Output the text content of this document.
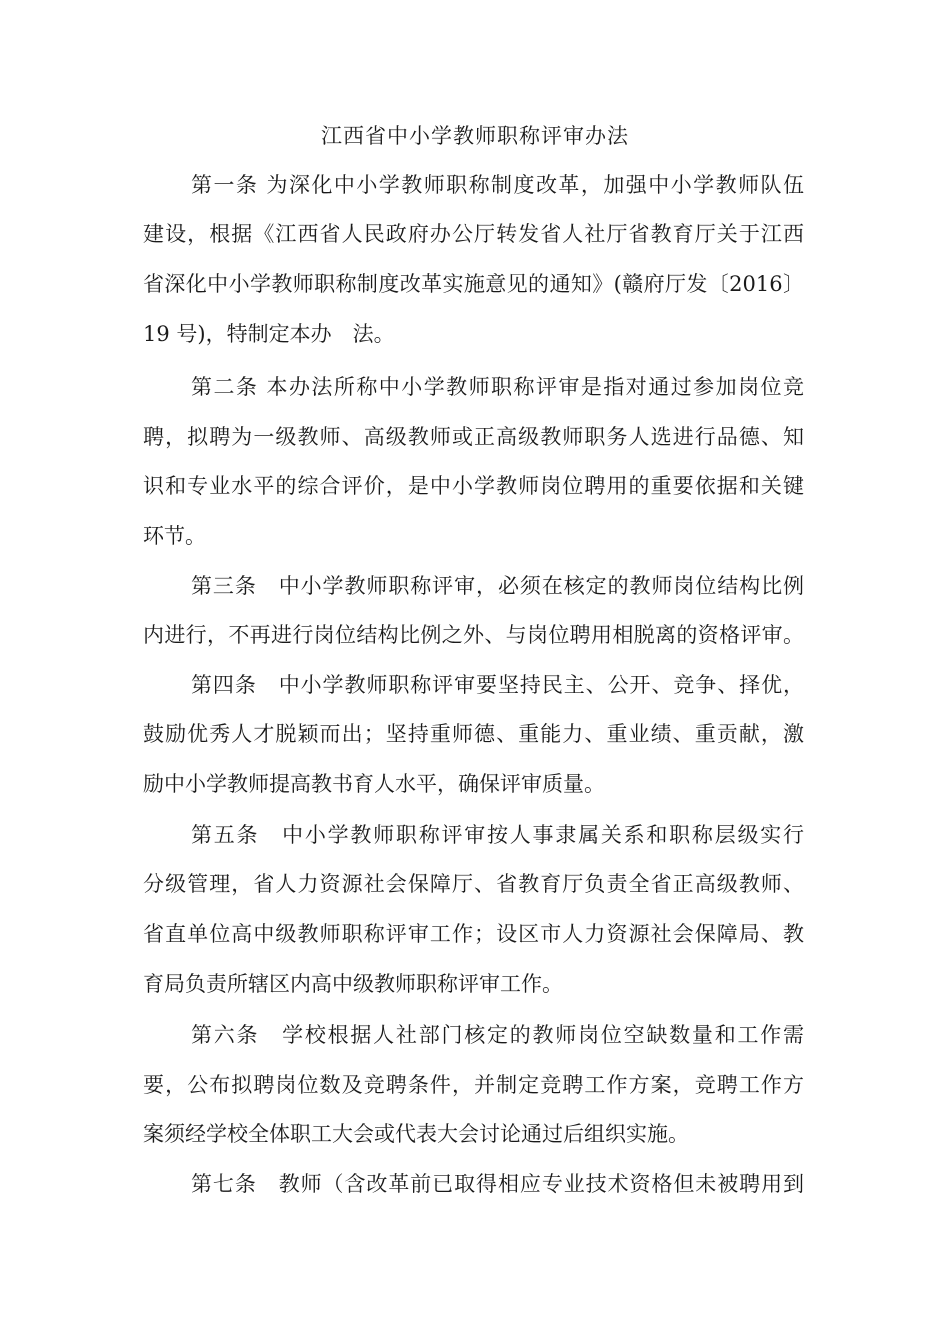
江西省中小学教师职称评审办法
第一条 为深化中小学教师职称制度改革，加强中小学教师队伍
建设，根据《江西省人民政府办公厅转发省人社厅省教育厅关于江西
省深化中小学教师职称制度改革实施意见的通知》(赣府厅发〔2016〕
19 号)，特制定本办　法。
第二条 本办法所称中小学教师职称评审是指对通过参加岗位竞
聘，拟聘为一级教师、高级教师或正高级教师职务人选进行品德、知
识和专业水平的综合评价，是中小学教师岗位聘用的重要依据和关键
环节。
第三条　中小学教师职称评审，必须在核定的教师岗位结构比例
内进行，不再进行岗位结构比例之外、与岗位聘用相脱离的资格评审。
第四条　中小学教师职称评审要坚持民主、公开、竞争、择优，
鼓励优秀人才脱颖而出；坚持重师德、重能力、重业绩、重贡献，激
励中小学教师提高教书育人水平，确保评审质量。
第五条　中小学教师职称评审按人事隶属关系和职称层级实行
分级管理，省人力资源社会保障厅、省教育厅负责全省正高级教师、
省直单位高中级教师职称评审工作；设区市人力资源社会保障局、教
育局负责所辖区内高中级教师职称评审工作。
第六条　学校根据人社部门核定的教师岗位空缺数量和工作需
要，公布拟聘岗位数及竞聘条件，并制定竞聘工作方案，竞聘工作方
案须经学校全体职工大会或代表大会讨论通过后组织实施。
第七条　教师（含改革前已取得相应专业技术资格但未被聘用到
